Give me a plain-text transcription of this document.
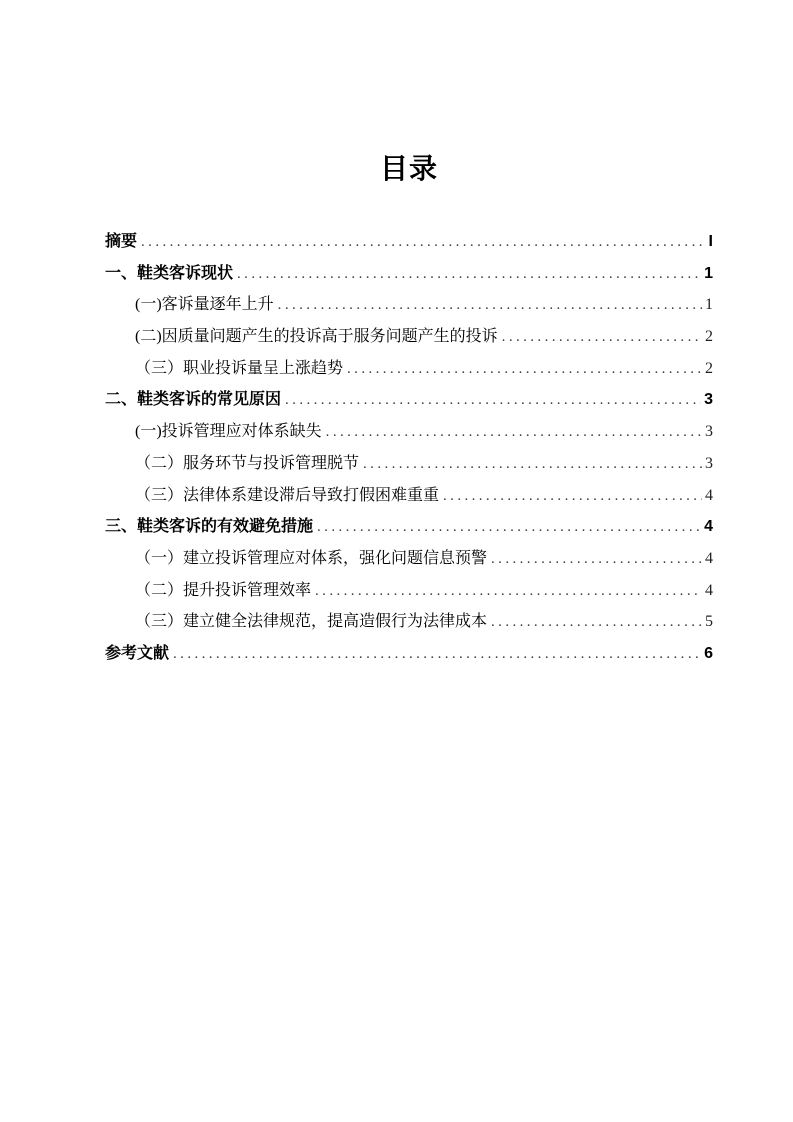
目录
摘要 .....	I
一、鞋类客诉现状 .....	1
(一)客诉量逐年上升 .....	1
(二)因质量问题产生的投诉高于服务问题产生的投诉 .....	2
（三）职业投诉量呈上涨趋势 .....	2
二、鞋类客诉的常见原因 .....	3
(一)投诉管理应对体系缺失 .....	3
（二）服务环节与投诉管理脱节 .....	3
（三）法律体系建设滞后导致打假困难重重 .....	4
三、鞋类客诉的有效避免措施 .....	4
（一）建立投诉管理应对体系，强化问题信息预警 .....	4
（二）提升投诉管理效率 .....	4
（三）建立健全法律规范，提高造假行为法律成本 .....	5
参考文献 .....	6
